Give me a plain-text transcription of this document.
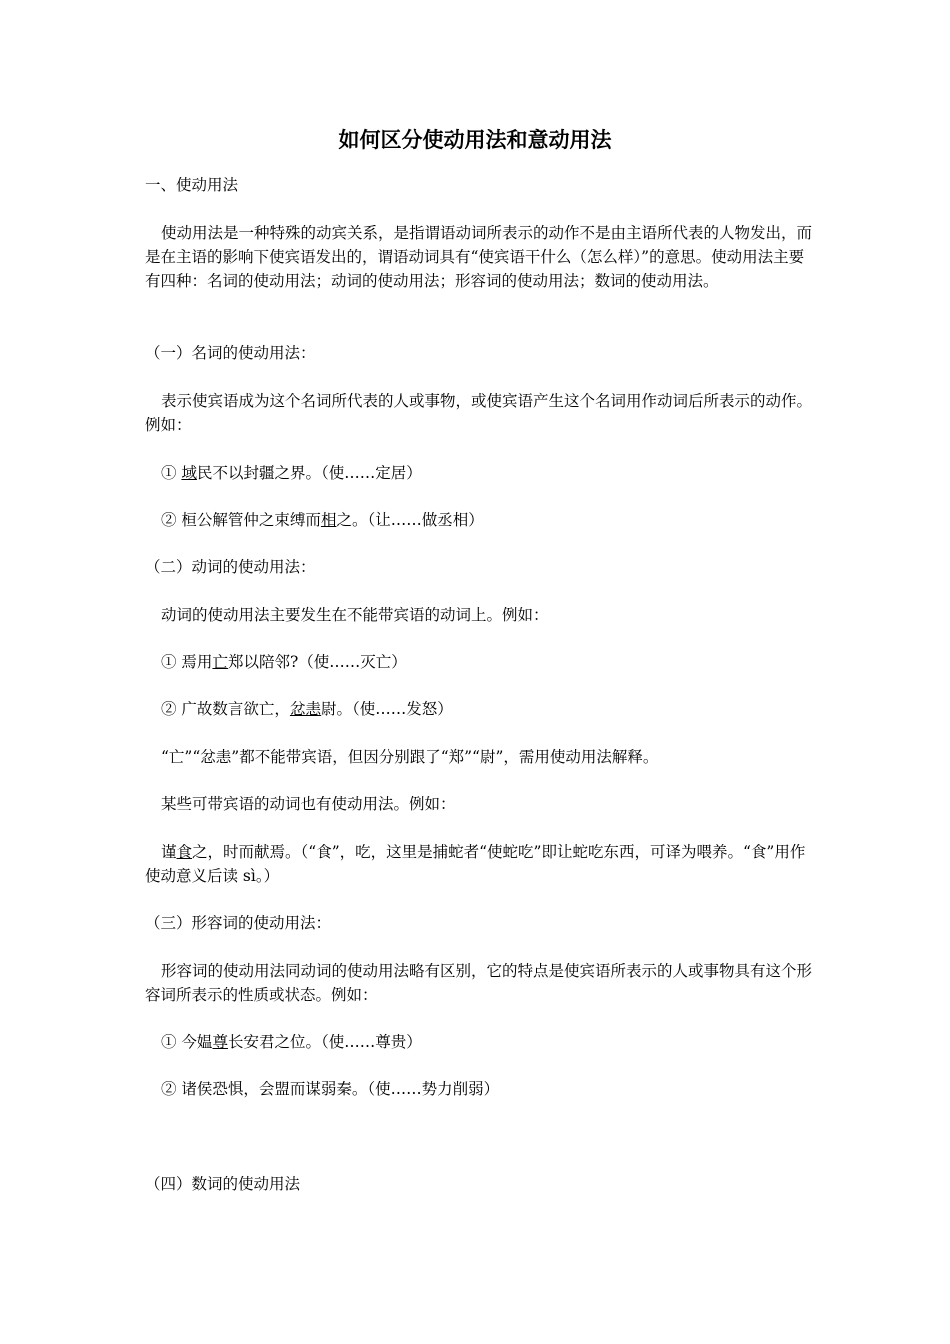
如何区分使动用法和意动用法
一、使动用法
使动用法是一种特殊的动宾关系，是指谓语动词所表示的动作不是由主语所代表的人物发出，而是在主语的影响下使宾语发出的，谓语动词具有“使宾语干什么（怎么样）”的意思。使动用法主要有四种：名词的使动用法；动词的使动用法；形容词的使动用法；数词的使动用法。
（一）名词的使动用法：
表示使宾语成为这个名词所代表的人或事物，或使宾语产生这个名词用作动词后所表示的动作。例如：
① 域民不以封疆之界。（使……定居）
② 桓公解管仲之束缚而相之。（让……做丞相）
（二）动词的使动用法：
动词的使动用法主要发生在不能带宾语的动词上。例如：
① 焉用亡郑以陪邻?（使……灭亡）
② 广故数言欲亡，忿恚尉。（使……发怒）
“亡”“忿恚”都不能带宾语，但因分别跟了“郑”“尉”，需用使动用法解释。
某些可带宾语的动词也有使动用法。例如：
谨食之，时而献焉。（“食”，吃，这里是捕蛇者“使蛇吃”即让蛇吃东西，可译为喂养。“食”用作使动意义后读 sì。）
（三）形容词的使动用法：
形容词的使动用法同动词的使动用法略有区别，它的特点是使宾语所表示的人或事物具有这个形容词所表示的性质或状态。例如：
① 今媪尊长安君之位。（使……尊贵）
② 诸侯恐惧，会盟而谋弱秦。（使……势力削弱）
（四）数词的使动用法
